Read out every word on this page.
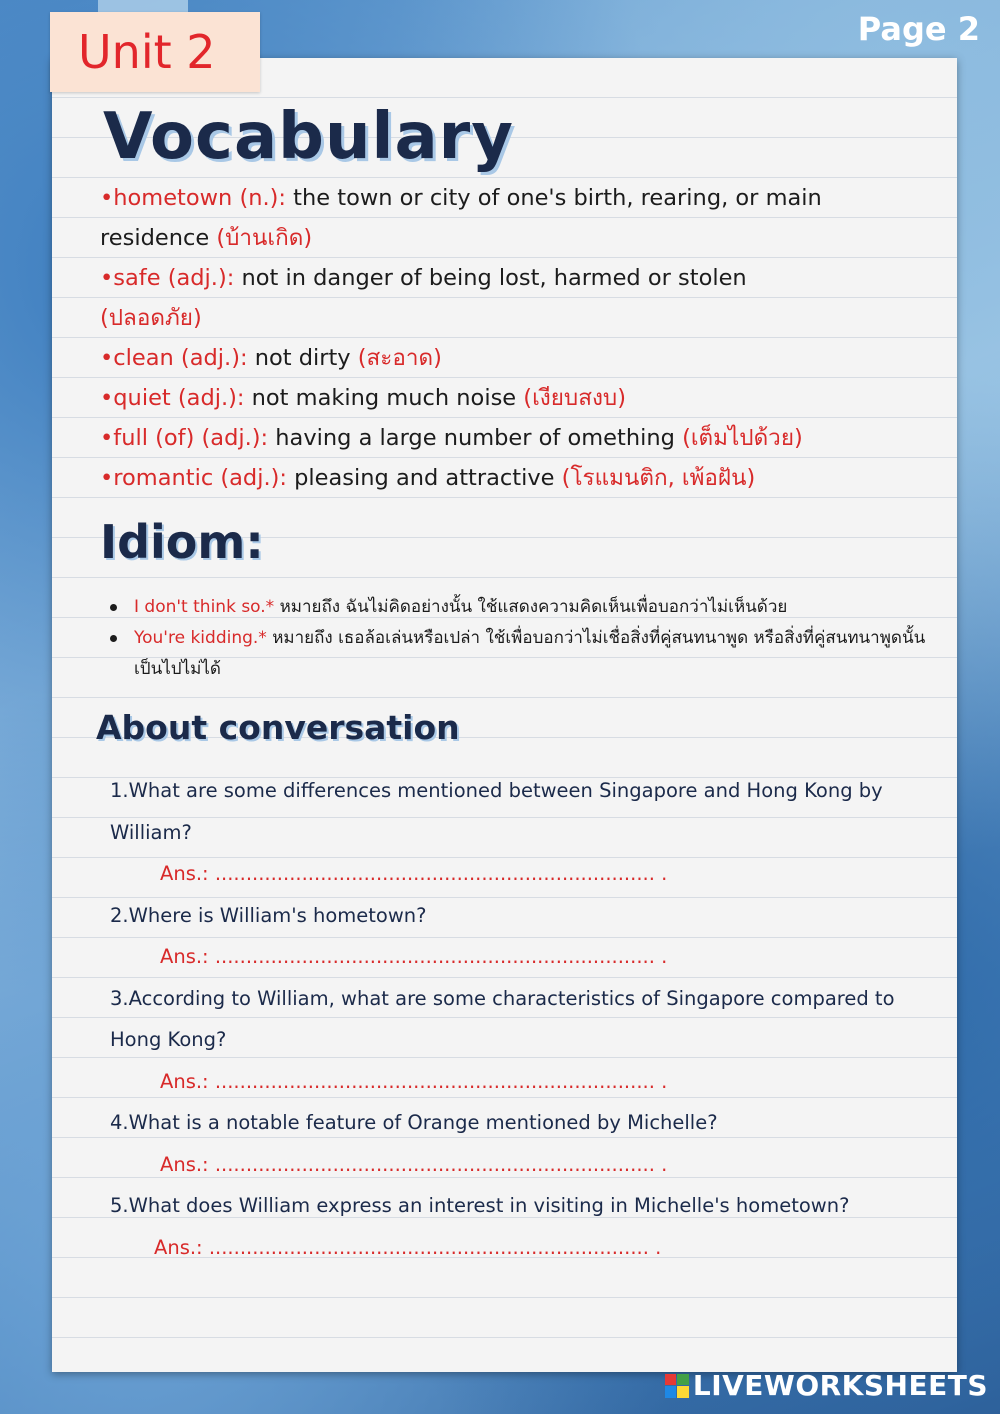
Unit 2	Page 2
Vocabulary
•hometown (n.): the town or city of one's birth, rearing, or main residence (บ้านเกิด)
•safe (adj.): not in danger of being lost, harmed or stolen
(ปลอดภัย)
•clean (adj.): not dirty (สะอาด)
•quiet (adj.): not making much noise (เงียบสงบ)
•full (of) (adj.): having a large number of omething (เต็มไปด้วย)
•romantic (adj.): pleasing and attractive (โรแมนติก, เพ้อฝัน)
Idiom:
I don't think so.* หมายถึง ฉันไม่คิดอย่างนั้น ใช้แสดงความคิดเห็นเพื่อบอกว่าไม่เห็นด้วย
You're kidding.* หมายถึง เธอล้อเล่นหรือเปล่า ใช้เพื่อบอกว่าไม่เชื่อสิ่งที่คู่สนทนาพูด หรือสิ่งที่คู่สนทนาพูดนั้นเป็นไปไม่ได้
About conversation
1.What are some differences mentioned between Singapore and Hong Kong by William?
Ans.: ....................................................................... .
2.Where is William's hometown?
Ans.: ....................................................................... .
3.According to William, what are some characteristics of Singapore compared to Hong Kong?
Ans.: ....................................................................... .
4.What is a notable feature of Orange mentioned by Michelle?
Ans.: ....................................................................... .
5.What does William express an interest in visiting in Michelle's hometown?
Ans.: ....................................................................... .
LIVEWORKSHEETS
